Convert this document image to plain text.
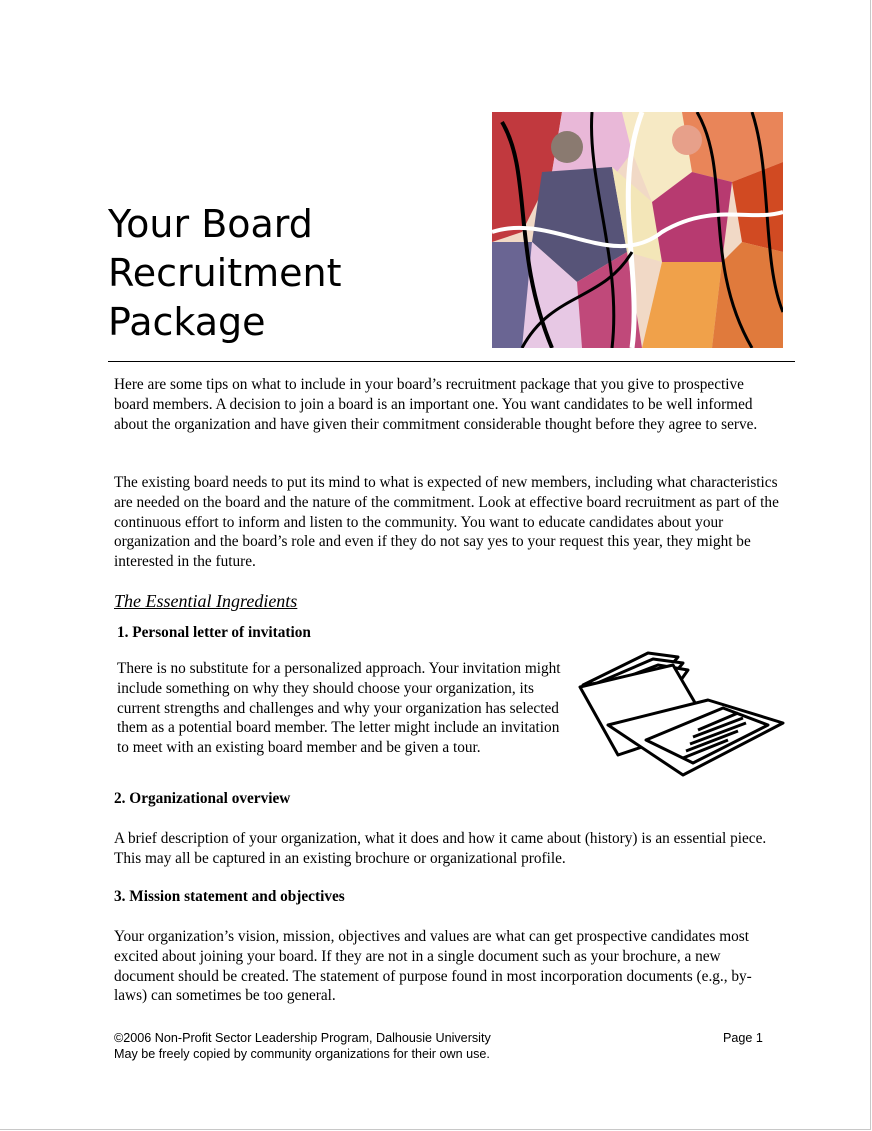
Your Board
Recruitment
Package

Here are some tips on what to include in your board’s recruitment package that you give to prospective board members. A decision to join a board is an important one. You want candidates to be well informed about the organization and have given their commitment considerable thought before they agree to serve.

The existing board needs to put its mind to what is expected of new members, including what characteristics are needed on the board and the nature of the commitment. Look at effective board recruitment as part of the continuous effort to inform and listen to the community. You want to educate candidates about your organization and the board’s role and even if they do not say yes to your request this year, they might be interested in the future.

The Essential Ingredients

1. Personal letter of invitation

There is no substitute for a personalized approach. Your invitation might include something on why they should choose your organization, its current strengths and challenges and why your organization has selected them as a potential board member. The letter might include an invitation to meet with an existing board member and be given a tour.

2. Organizational overview

A brief description of your organization, what it does and how it came about (history) is an essential piece. This may all be captured in an existing brochure or organizational profile.

3. Mission statement and objectives

Your organization’s vision, mission, objectives and values are what can get prospective candidates most excited about joining your board. If they are not in a single document such as your brochure, a new document should be created. The statement of purpose found in most incorporation documents (e.g., by-laws) can sometimes be too general.

©2006 Non-Profit Sector Leadership Program, Dalhousie University
May be freely copied by community organizations for their own use.

Page 1
